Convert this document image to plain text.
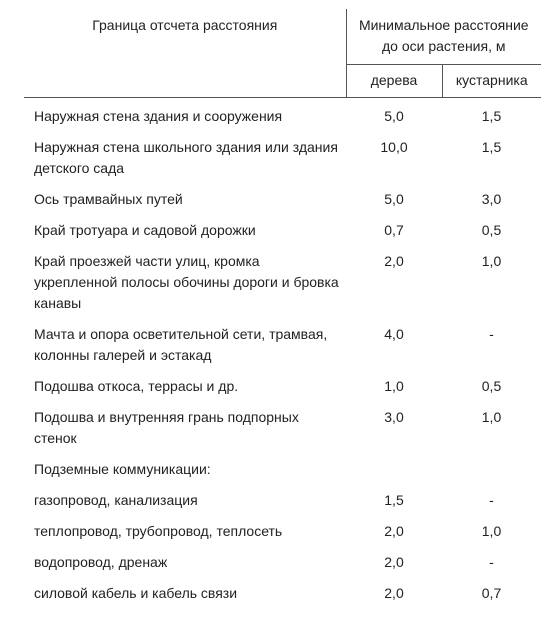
Граница отсчета расстояния	Минимальное расстояние до оси растения, м	
	дерева	кустарника
Наружная стена здания и сооружения	5,0	1,5
Наружная стена школьного здания или здания детского сада	10,0	1,5
Ось трамвайных путей	5,0	3,0
Край тротуара и садовой дорожки	0,7	0,5
Край проезжей части улиц, кромка укрепленной полосы обочины дороги и бровка канавы	2,0	1,0
Мачта и опора осветительной сети, трамвая, колонны галерей и эстакад	4,0	-
Подошва откоса, террасы и др.	1,0	0,5
Подошва и внутренняя грань подпорных стенок	3,0	1,0
Подземные коммуникации:		
газопровод, канализация	1,5	-
теплопровод, трубопровод, теплосеть	2,0	1,0
водопровод, дренаж	2,0	-
силовой кабель и кабель связи	2,0	0,7
